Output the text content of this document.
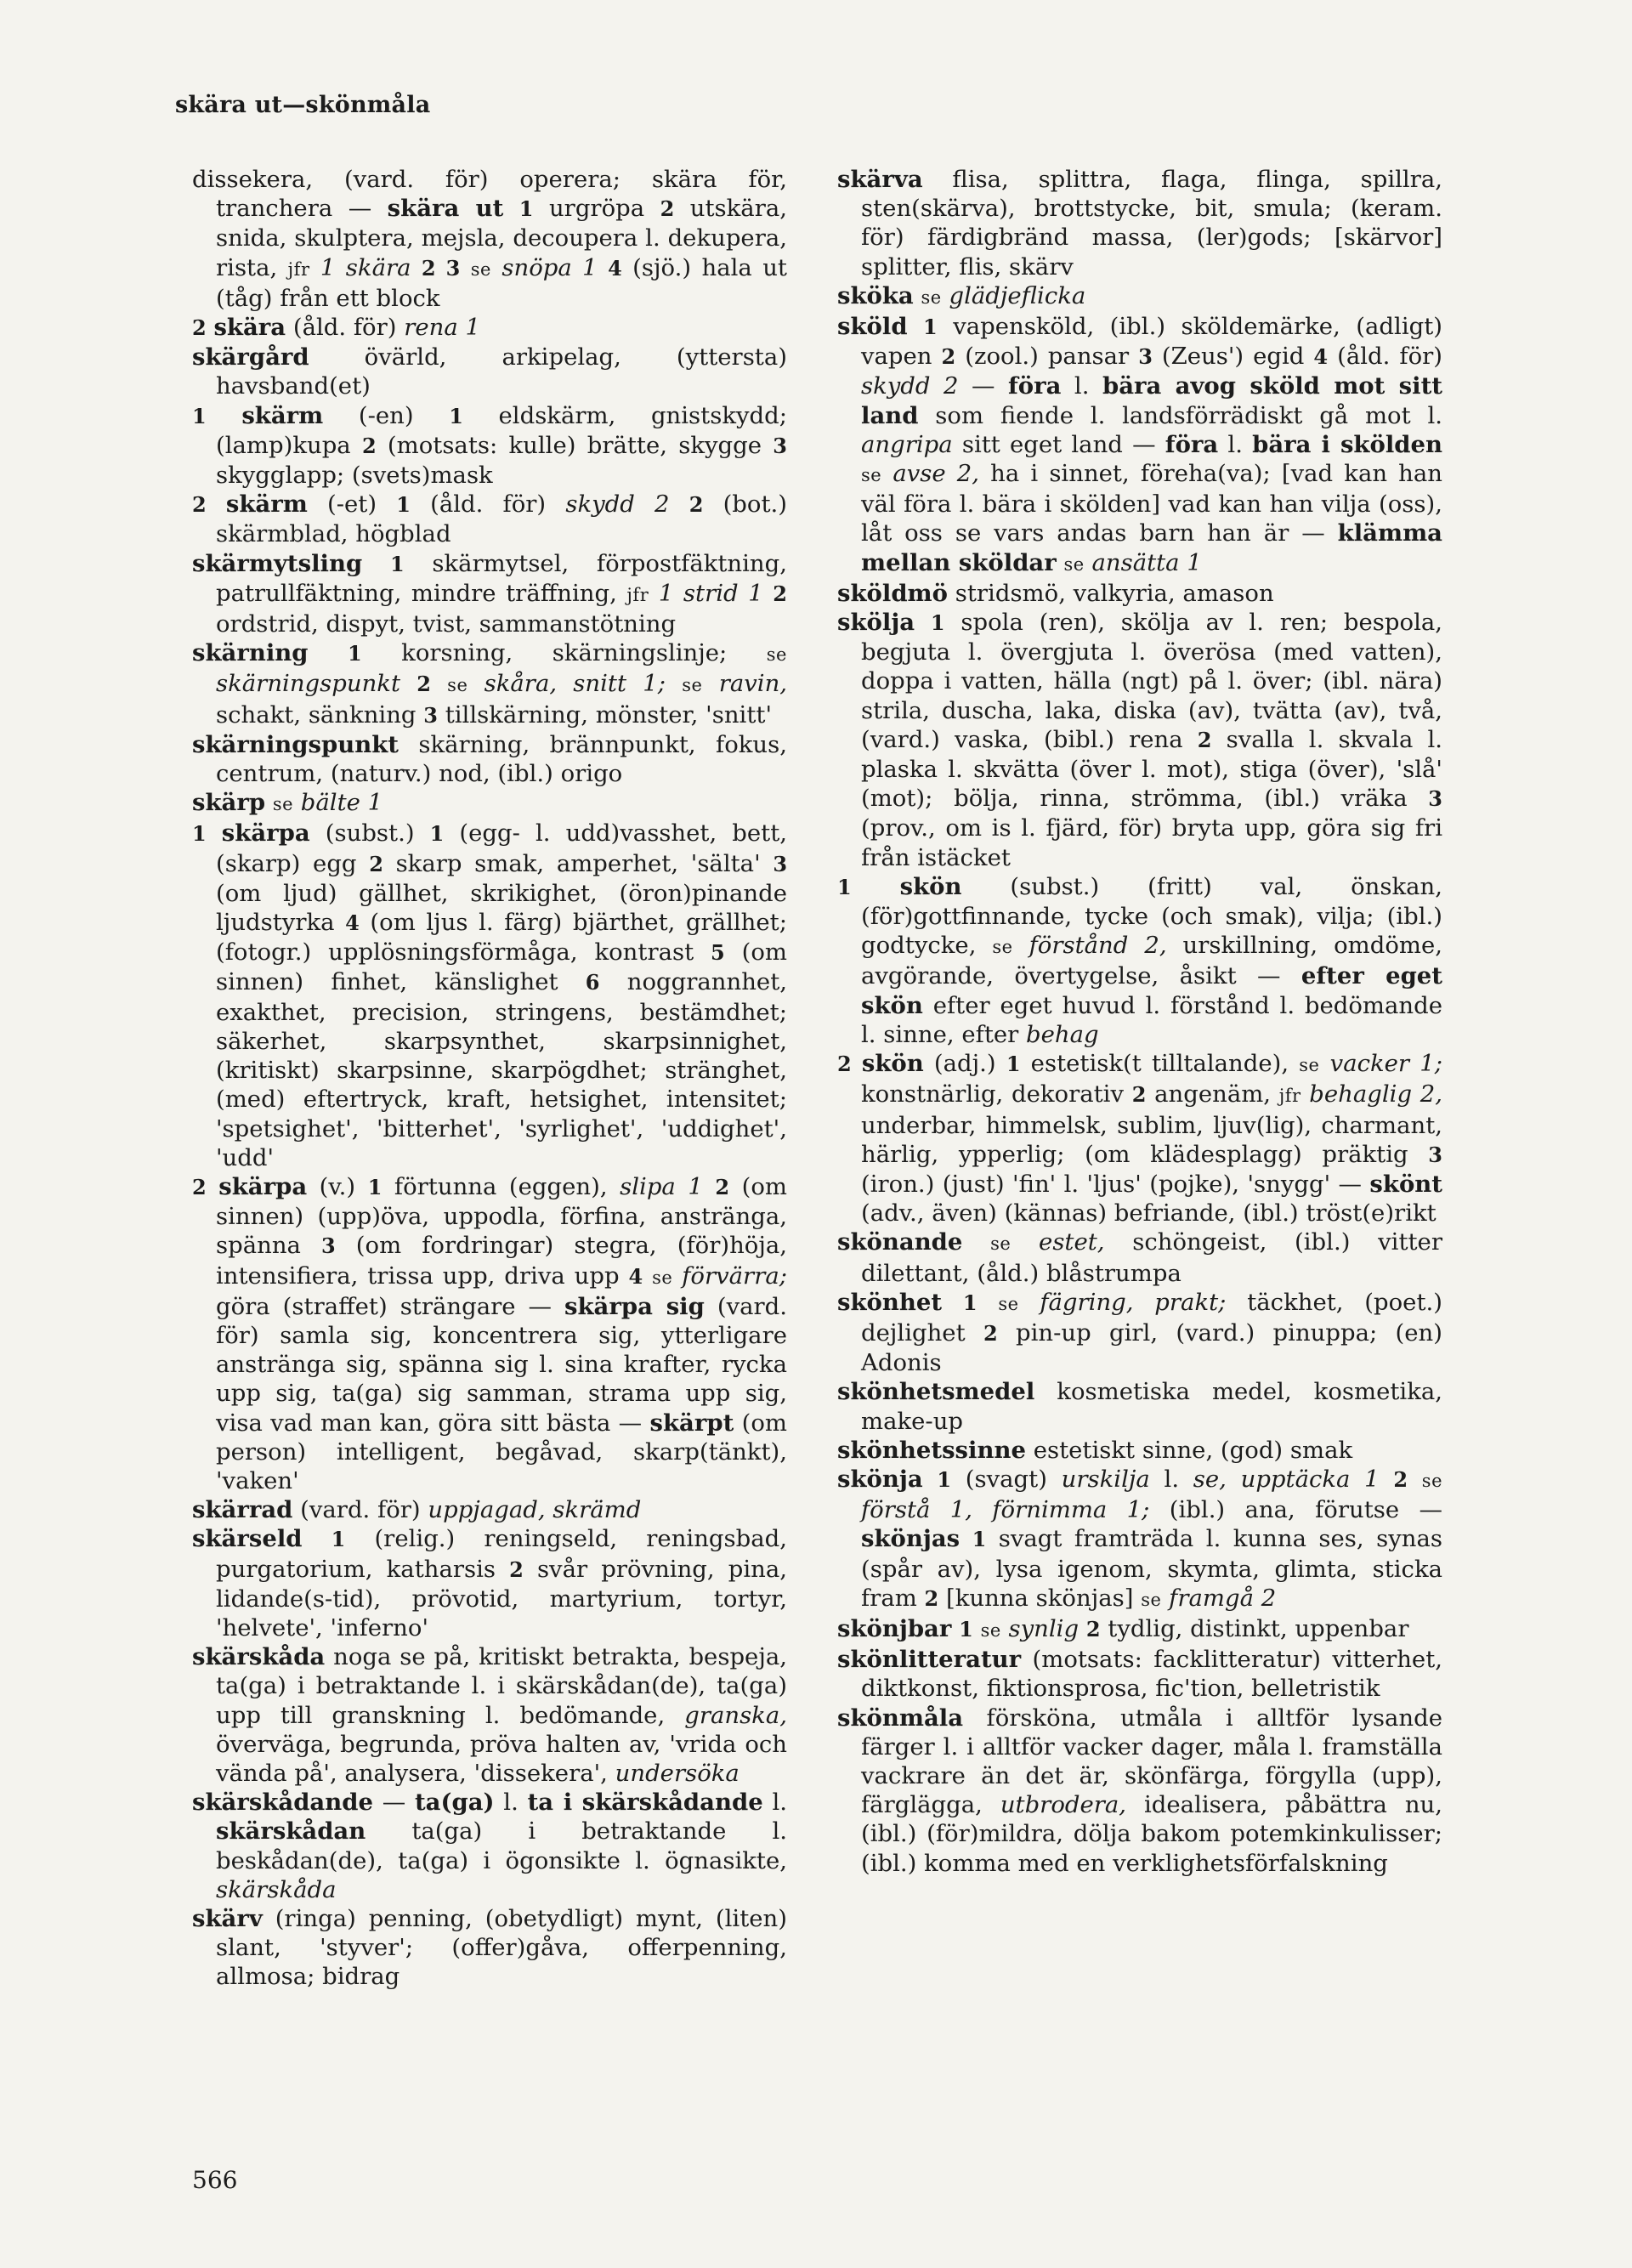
skära ut—skönmåla

dissekera, (vard. för) operera; skära för, tranchera — skära ut 1 urgröpa 2 utskära, snida, skulptera, mejsla, decoupera l. dekupera, rista, jfr 1 skära 2 3 se snöpa 1 4 (sjö.) hala ut (tåg) från ett block

2 skära (åld. för) rena 1

skärgård övärld, arkipelag, (yttersta) havsband(et)

1 skärm (-en) 1 eldskärm, gnistskydd; (lamp)kupa 2 (motsats: kulle) brätte, skygge 3 skygglapp; (svets)mask

2 skärm (-et) 1 (åld. för) skydd 2 2 (bot.) skärmblad, högblad

skärmytsling 1 skärmytsel, förpostfäktning, patrullfäktning, mindre träffning, jfr 1 strid 1 2 ordstrid, dispyt, tvist, sammanstötning

skärning 1 korsning, skärningslinje; se skärningspunkt 2 se skåra, snitt 1; se ravin, schakt, sänkning 3 tillskärning, mönster, 'snitt'

skärningspunkt skärning, brännpunkt, fokus, centrum, (naturv.) nod, (ibl.) origo

skärp se bälte 1

1 skärpa (subst.) 1 (egg- l. udd)vasshet, bett, (skarp) egg 2 skarp smak, amperhet, 'sälta' 3 (om ljud) gällhet, skrikighet, (öron)pinande ljudstyrka 4 (om ljus l. färg) bjärthet, grällhet; (fotogr.) upplösningsförmåga, kontrast 5 (om sinnen) finhet, känslighet 6 noggrannhet, exakthet, precision, stringens, bestämdhet; säkerhet, skarpsynthet, skarpsinnighet, (kritiskt) skarpsinne, skarpögdhet; stränghet, (med) eftertryck, kraft, hetsighet, intensitet; 'spetsighet', 'bitterhet', 'syrlighet', 'uddighet', 'udd'

2 skärpa (v.) 1 förtunna (eggen), slipa 1 2 (om sinnen) (upp)öva, uppodla, förfina, anstränga, spänna 3 (om fordringar) stegra, (för)höja, intensifiera, trissa upp, driva upp 4 se förvärra; göra (straffet) strängare — skärpa sig (vard. för) samla sig, koncentrera sig, ytterligare anstränga sig, spänna sig l. sina krafter, rycka upp sig, ta(ga) sig samman, strama upp sig, visa vad man kan, göra sitt bästa — skärpt (om person) intelligent, begåvad, skarp(tänkt), 'vaken'

skärrad (vard. för) uppjagad, skrämd

skärseld 1 (relig.) reningseld, reningsbad, purgatorium, katharsis 2 svår prövning, pina, lidande(s-tid), prövotid, martyrium, tortyr, 'helvete', 'inferno'

skärskåda noga se på, kritiskt betrakta, bespeja, ta(ga) i betraktande l. i skärskådan(de), ta(ga) upp till granskning l. bedömande, granska, överväga, begrunda, pröva halten av, 'vrida och vända på', analysera, 'dissekera', undersöka

skärskådande — ta(ga) l. ta i skärskådande l. skärskådan ta(ga) i betraktande l. beskådan(de), ta(ga) i ögonsikte l. ögnasikte, skärskåda

skärv (ringa) penning, (obetydligt) mynt, (liten) slant, 'styver'; (offer)gåva, offerpenning, allmosa; bidrag

skärva flisa, splittra, flaga, flinga, spillra, sten(skärva), brottstycke, bit, smula; (keram. för) färdigbränd massa, (ler)gods; [skärvor] splitter, flis, skärv

sköka se glädjeflicka

sköld 1 vapensköld, (ibl.) sköldemärke, (adligt) vapen 2 (zool.) pansar 3 (Zeus') egid 4 (åld. för) skydd 2 — föra l. bära avog sköld mot sitt land som fiende l. landsförrädiskt gå mot l. angripa sitt eget land — föra l. bära i skölden se avse 2, ha i sinnet, föreha(va); [vad kan han väl föra l. bära i skölden] vad kan han vilja (oss), låt oss se vars andas barn han är — klämma mellan sköldar se ansätta 1

sköldmö stridsmö, valkyria, amason

skölja 1 spola (ren), skölja av l. ren; bespola, begjuta l. övergjuta l. överösa (med vatten), doppa i vatten, hälla (ngt) på l. över; (ibl. nära) strila, duscha, laka, diska (av), tvätta (av), två, (vard.) vaska, (bibl.) rena 2 svalla l. skvala l. plaska l. skvätta (över l. mot), stiga (över), 'slå' (mot); bölja, rinna, strömma, (ibl.) vräka 3 (prov., om is l. fjärd, för) bryta upp, göra sig fri från istäcket

1 skön (subst.) (fritt) val, önskan, (för)gottfinnande, tycke (och smak), vilja; (ibl.) godtycke, se förstånd 2, urskillning, omdöme, avgörande, övertygelse, åsikt — efter eget skön efter eget huvud l. förstånd l. bedömande l. sinne, efter behag

2 skön (adj.) 1 estetisk(t tilltalande), se vacker 1; konstnärlig, dekorativ 2 angenäm, jfr behaglig 2, underbar, himmelsk, sublim, ljuv(lig), charmant, härlig, ypperlig; (om klädesplagg) präktig 3 (iron.) (just) 'fin' l. 'ljus' (pojke), 'snygg' — skönt (adv., även) (kännas) befriande, (ibl.) tröst(e)rikt

skönande se estet, schöngeist, (ibl.) vitter dilettant, (åld.) blåstrumpa

skönhet 1 se fägring, prakt; täckhet, (poet.) dejlighet 2 pin-up girl, (vard.) pinuppa; (en) Adonis

skönhetsmedel kosmetiska medel, kosmetika, make-up

skönhetssinne estetiskt sinne, (god) smak

skönja 1 (svagt) urskilja l. se, upptäcka 1 2 se förstå 1, förnimma 1; (ibl.) ana, förutse — skönjas 1 svagt framträda l. kunna ses, synas (spår av), lysa igenom, skymta, glimta, sticka fram 2 [kunna skönjas] se framgå 2

skönjbar 1 se synlig 2 tydlig, distinkt, uppenbar

skönlitteratur (motsats: facklitteratur) vitterhet, diktkonst, fiktionsprosa, fic'tion, belletristik

skönmåla försköna, utmåla i alltför lysande färger l. i alltför vacker dager, måla l. framställa vackrare än det är, skönfärga, förgylla (upp), färglägga, utbrodera, idealisera, påbättra nu, (ibl.) (för)mildra, dölja bakom potemkinkulisser; (ibl.) komma med en verklighetsförfalskning

566
